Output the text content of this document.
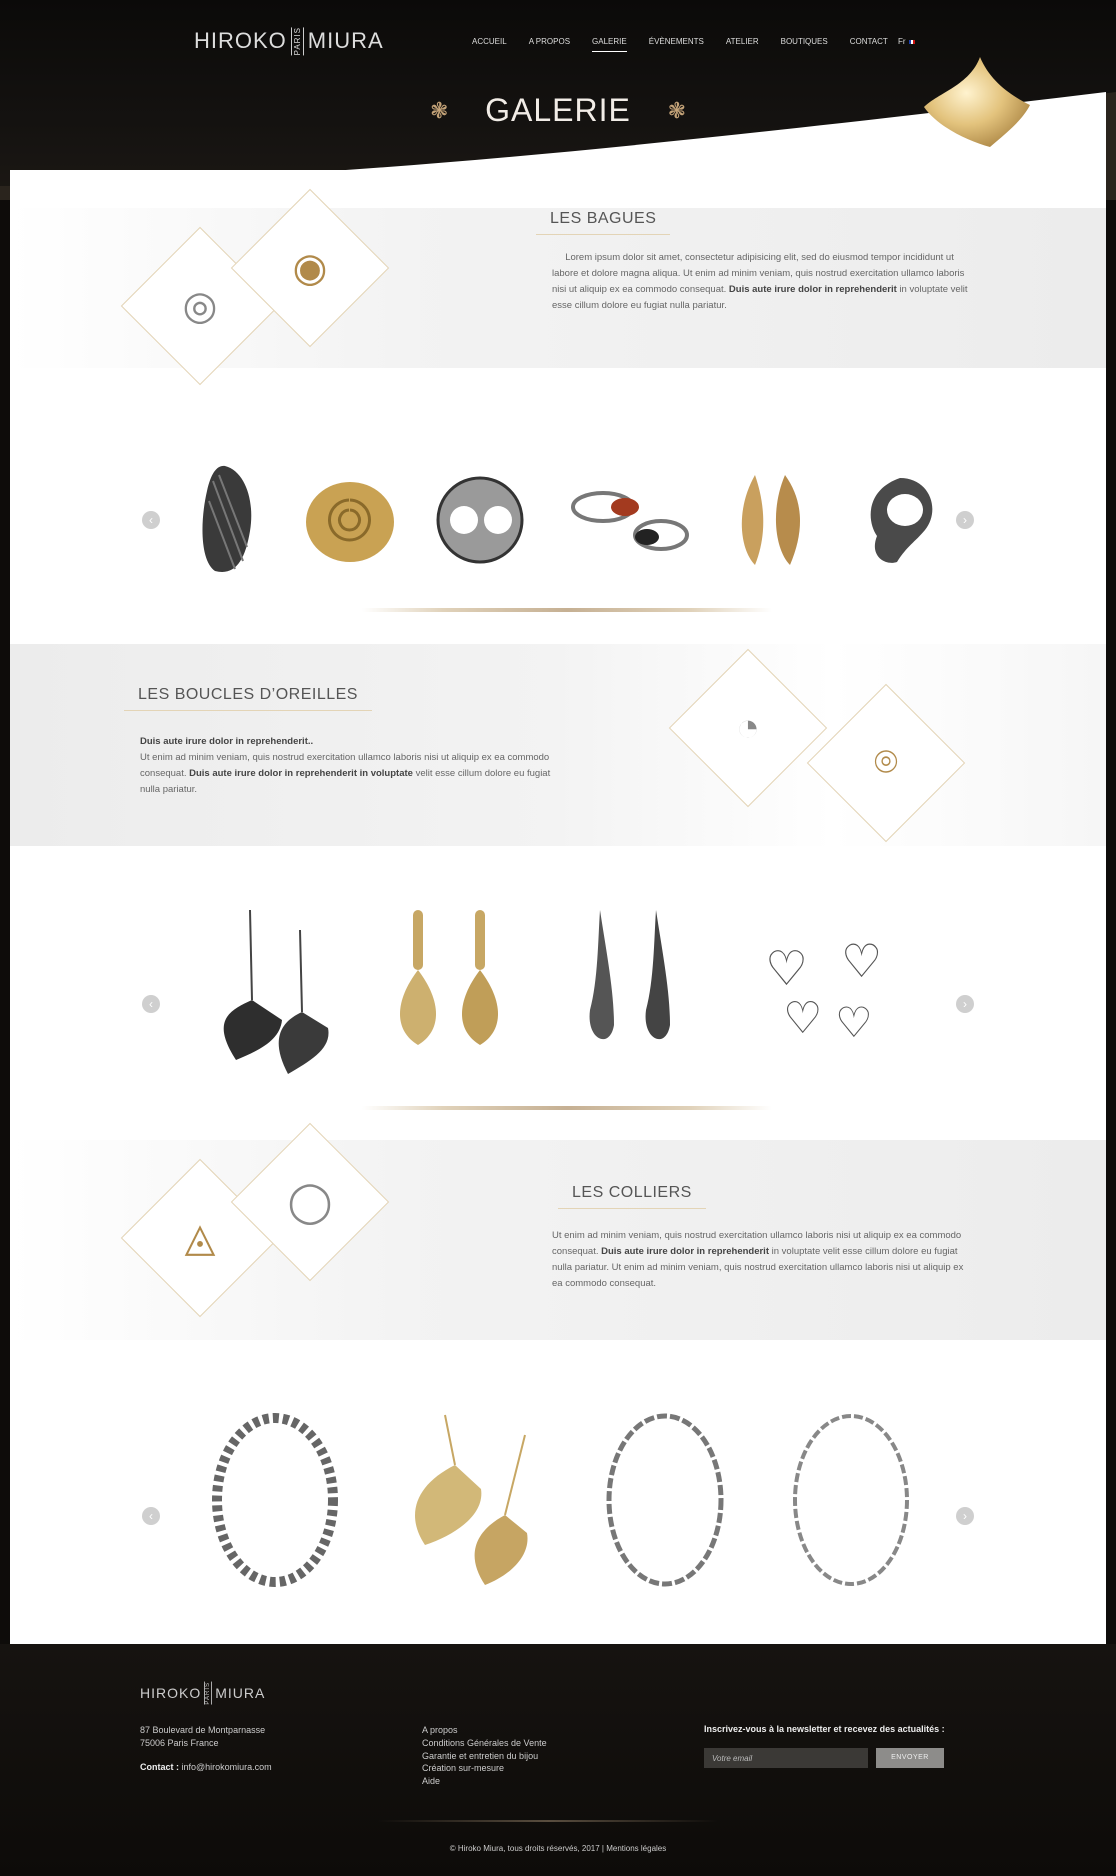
HIROKO PARIS MIURA	ACCUEIL	A PROPOS	GALERIE	ÉVÈNEMENTS	ATELIER	BOUTIQUES	CONTACT Fr
❃ GALERIE ❃
◎
◉
LES BAGUES
Lorem ipsum dolor sit amet, consectetur adipisicing elit, sed do eiusmod tempor incididunt ut labore et dolore magna aliqua. Ut enim ad minim veniam, quis nostrud exercitation ullamco laboris nisi ut aliquip ex ea commodo consequat. Duis aute irure dolor in reprehenderit in voluptate velit esse cillum dolore eu fugiat nulla pariatur.
‹	›
LES BOUCLES D’OREILLES
Duis aute irure dolor in reprehenderit..
Ut enim ad minim veniam, quis nostrud exercitation ullamco laboris nisi ut aliquip ex ea commodo consequat. Duis aute irure dolor in reprehenderit in voluptate velit esse cillum dolore eu fugiat nulla pariatur.
◔
⌾
‹
♡
♡
♡
♡	›
◬
◯	LES COLLIERS
Ut enim ad minim veniam, quis nostrud exercitation ullamco laboris nisi ut aliquip ex ea commodo consequat. Duis aute irure dolor in reprehenderit in voluptate velit esse cillum dolore eu fugiat nulla pariatur. Ut enim ad minim veniam, quis nostrud exercitation ullamco laboris nisi ut aliquip ex ea commodo consequat.
‹	›
HIROKO PARIS MIURA
87 Boulevard de Montparnasse
75006 Paris France
Contact : info@hirokomiura.com
A propos
Conditions Générales de Vente
Garantie et entretien du bijou
Création sur-mesure
Aide
Inscrivez-vous à la newsletter et recevez des actualités :
Votre email
ENVOYER
© Hiroko Miura, tous droits réservés, 2017 | Mentions légales
